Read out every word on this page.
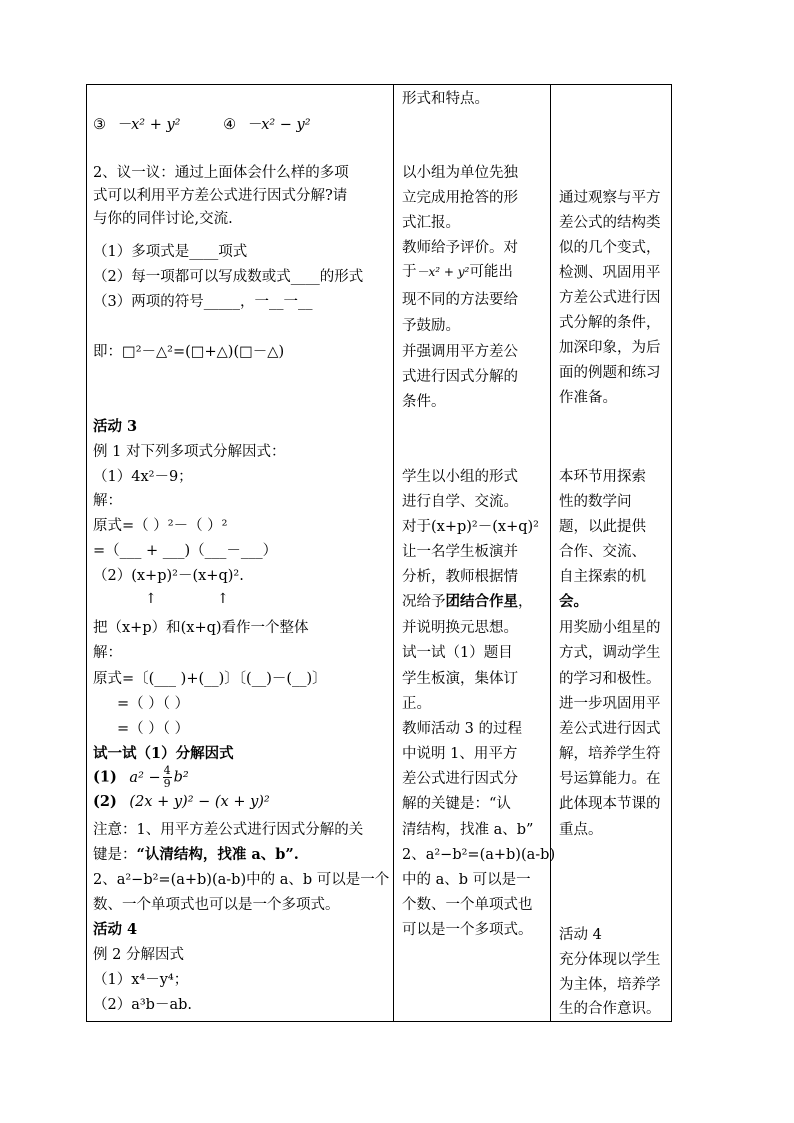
③ －x² + y²	④ －x² − y²
2、议一议：通过上面体会什么样的多项
式可以利用平方差公式进行因式分解?请
与你的同伴讨论,交流.
（1）多项式是____项式
（2）每一项都可以写成数或式____的形式
（3）两项的符号_____，一__一__
即：□²－△²=(□+△)(□－△)
活动 3
例 1 对下列多项式分解因式：
（1）4x²－9；
解：
原式=（ ）²－（ ）²
=（___ + ___)（___－___）
（2）(x+p)²－(x+q)².
↑	↑
把（x+p）和(x+q)看作一个整体
解：
原式=〔(___ )+(__)〕〔(__)－(__)〕
=（ ）（ ）
=（ ）（ ）
试一试（1）分解因式
(1) $a^2 - \frac{4}{9} b^2$
(2) (2x + y)² − (x + y)²
注意：1、用平方差公式进行因式分解的关
键是：“认清结构，找准 a、b”.
2、a²−b²=(a+b)(a-b)中的 a、b 可以是一个
数、一个单项式也可以是一个多项式。
活动 4
例 2 分解因式
（1）x⁴－y⁴；
（2）a³b－ab.

形式和特点。
以小组为单位先独
立完成用抢答的形
式汇报。
教师给予评价。对
于－x² + y²可能出
现不同的方法要给
予鼓励。
并强调用平方差公
式进行因式分解的
条件。
学生以小组的形式
进行自学、交流。
对于(x+p)²－(x+q)²
让一名学生板演并
分析，教师根据情
况给予团结合作星，
并说明换元思想。
试一试（1）题目
学生板演，集体订
正。
教师活动 3 的过程
中说明 1、用平方
差公式进行因式分
解的关键是：“认
清结构，找准 a、b”
2、a²−b²=(a+b)(a-b)
中的 a、b 可以是一
个数、一个单项式也
可以是一个多项式。

通过观察与平方
差公式的结构类
似的几个变式，
检测、巩固用平
方差公式进行因
式分解的条件，
加深印象，为后
面的例题和练习
作准备。
本环节用探索
性的数学问
题，以此提供
合作、交流、
自主探索的机
会。
用奖励小组星的
方式，调动学生
的学习和极性。
进一步巩固用平
差公式进行因式
解，培养学生符
号运算能力。在
此体现本节课的
重点。
活动 4
充分体现以学生
为主体，培养学
生的合作意识。
